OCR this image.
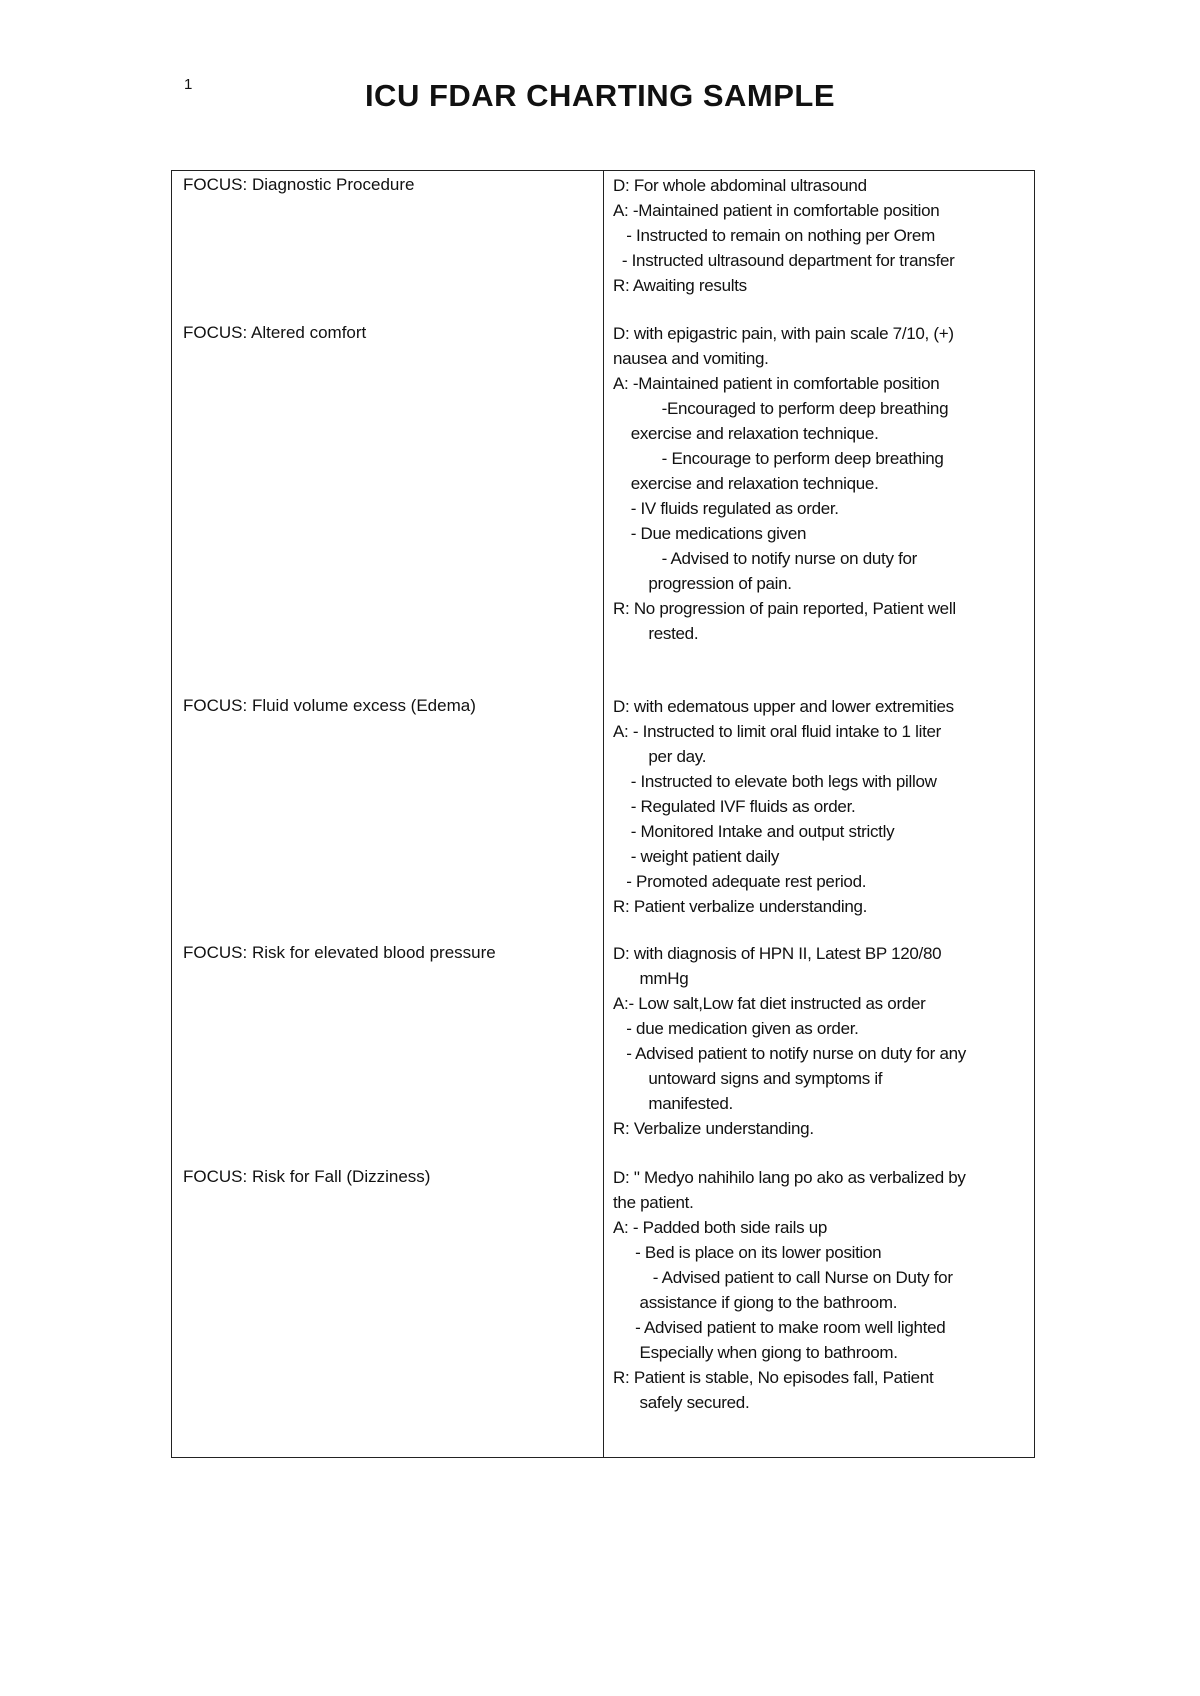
1	ICU FDAR CHARTING SAMPLE
FOCUS: Diagnostic Procedure	D: For whole abdominal ultrasound
A: -Maintained patient in comfortable position
- Instructed to remain on nothing per Orem
- Instructed ultrasound department for transfer
R: Awaiting results
FOCUS: Altered comfort	D: with epigastric pain, with pain scale 7/10, (+)
nausea and vomiting.
A: -Maintained patient in comfortable position
-Encouraged to perform deep breathing
exercise and relaxation technique.
- Encourage to perform deep breathing
exercise and relaxation technique.
- IV fluids regulated as order.
- Due medications given
- Advised to notify nurse on duty for
progression of pain.
R: No progression of pain reported, Patient well
rested.
FOCUS: Fluid volume excess (Edema)	D: with edematous upper and lower extremities
A: - Instructed to limit oral fluid intake to 1 liter
per day.
- Instructed to elevate both legs with pillow
- Regulated IVF fluids as order.
- Monitored Intake and output strictly
- weight patient daily
- Promoted adequate rest period.
R: Patient verbalize understanding.
FOCUS: Risk for elevated blood pressure	D: with diagnosis of HPN II, Latest BP 120/80
mmHg
A:- Low salt,Low fat diet instructed as order
- due medication given as order.
- Advised patient to notify nurse on duty for any
untoward signs and symptoms if
manifested.
R: Verbalize understanding.
FOCUS: Risk for Fall (Dizziness)	D: " Medyo nahihilo lang po ako as verbalized by
the patient.
A: - Padded both side rails up
- Bed is place on its lower position
- Advised patient to call Nurse on Duty for
assistance if giong to the bathroom.
- Advised patient to make room well lighted
Especially when giong to bathroom.
R: Patient is stable, No episodes fall, Patient
safely secured.
